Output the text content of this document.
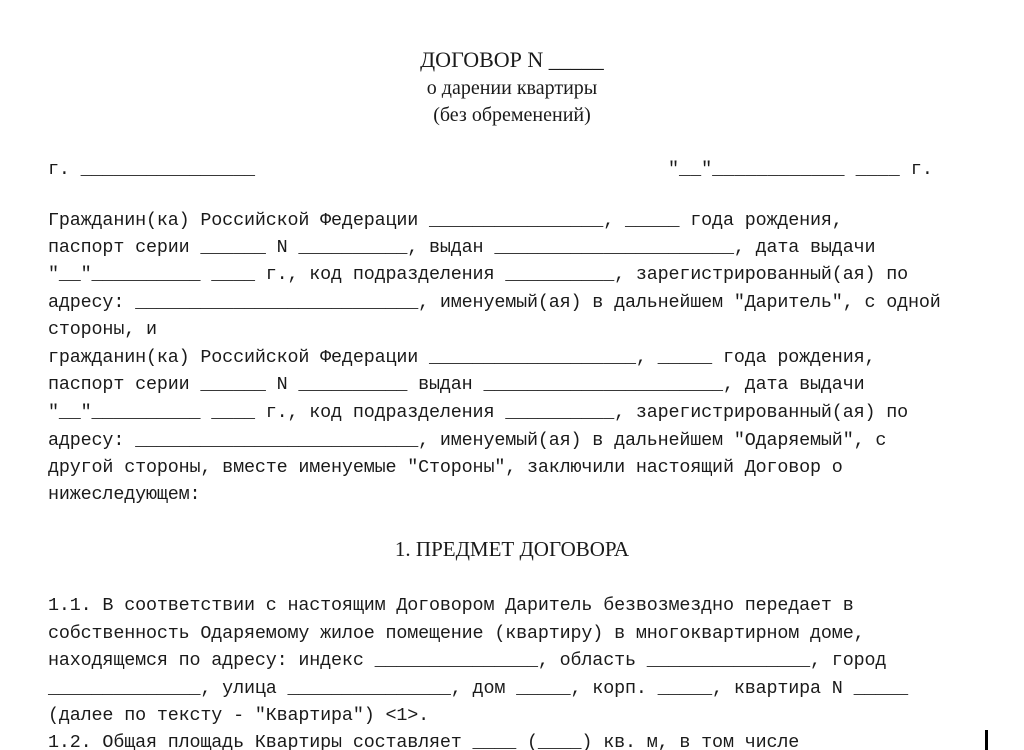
ДОГОВОР N _____
о дарении квартиры
(без обременений)
г. ________________	"__"____________ ____ г.
Гражданин(ка) Российской Федерации ________________, _____ года рождения,
паспорт серии ______ N __________, выдан ______________________, дата выдачи
"__"__________ ____ г., код подразделения __________, зарегистрированный(ая) по
адресу: __________________________, именуемый(ая) в дальнейшем "Даритель", с одной
стороны, и
гражданин(ка) Российской Федерации ___________________, _____ года рождения,
паспорт серии ______ N __________ выдан ______________________, дата выдачи
"__"__________ ____ г., код подразделения __________, зарегистрированный(ая) по
адресу: __________________________, именуемый(ая) в дальнейшем "Одаряемый", с
другой стороны, вместе именуемые "Стороны", заключили настоящий Договор о
нижеследующем:
1. ПРЕДМЕТ ДОГОВОРА
1.1. В соответствии с настоящим Договором Даритель безвозмездно передает в
собственность Одаряемому жилое помещение (квартиру) в многоквартирном доме,
находящемся по адресу: индекс _______________, область _______________, город
______________, улица _______________, дом _____, корп. _____, квартира N _____
(далее по тексту - "Квартира") <1>.
1.2. Общая площадь Квартиры составляет ____ (____) кв. м, в том числе
